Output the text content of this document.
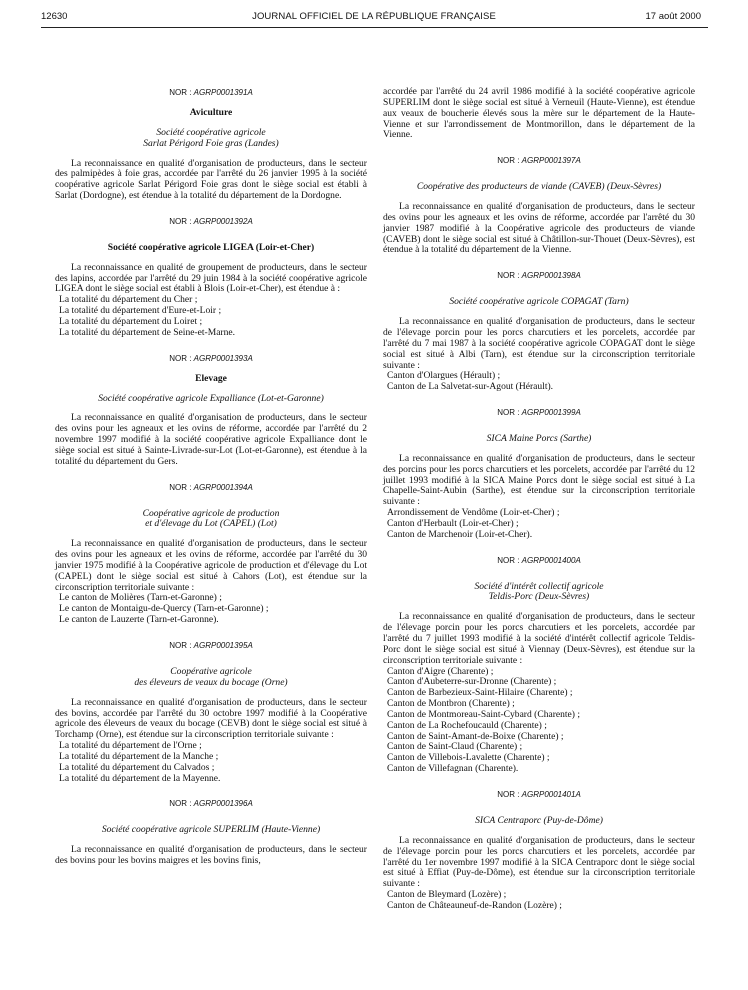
12630	JOURNAL OFFICIEL DE LA RÉPUBLIQUE FRANÇAISE	17 août 2000
NOR : AGRP0001391A
Aviculture
Société coopérative agricole
Sarlat Périgord Foie gras (Landes)

La reconnaissance en qualité d'organisation de producteurs, dans le secteur des palmipèdes à foie gras, accordée par l'arrêté du 26 janvier 1995 à la société coopérative agricole Sarlat Périgord Foie gras dont le siège social est établi à Sarlat (Dordogne), est étendue à la totalité du département de la Dordogne.

NOR : AGRP0001392A
Société coopérative agricole LIGEA (Loir-et-Cher)

La reconnaissance en qualité de groupement de producteurs, dans le secteur des lapins, accordée par l'arrêté du 29 juin 1984 à la société coopérative agricole LIGEA dont le siège social est établi à Blois (Loir-et-Cher), est étendue à :

La totalité du département du Cher ;
La totalité du département d'Eure-et-Loir ;
La totalité du département du Loiret ;
La totalité du département de Seine-et-Marne.
NOR : AGRP0001393A
Elevage
Société coopérative agricole Expalliance (Lot-et-Garonne)

La reconnaissance en qualité d'organisation de producteurs, dans le secteur des ovins pour les agneaux et les ovins de réforme, accordée par l'arrêté du 2 novembre 1997 modifié à la société coopérative agricole Expalliance dont le siège social est situé à Sainte-Livrade-sur-Lot (Lot-et-Garonne), est étendue à la totalité du département du Gers.

NOR : AGRP0001394A
Coopérative agricole de production
et d'élevage du Lot (CAPEL) (Lot)

La reconnaissance en qualité d'organisation de producteurs, dans le secteur des ovins pour les agneaux et les ovins de réforme, accordée par l'arrêté du 30 janvier 1975 modifié à la Coopérative agricole de production et d'élevage du Lot (CAPEL) dont le siège social est situé à Cahors (Lot), est étendue sur la circonscription territoriale suivante :

Le canton de Molières (Tarn-et-Garonne) ;
Le canton de Montaigu-de-Quercy (Tarn-et-Garonne) ;
Le canton de Lauzerte (Tarn-et-Garonne).
NOR : AGRP0001395A
Coopérative agricole
des éleveurs de veaux du bocage (Orne)

La reconnaissance en qualité d'organisation de producteurs, dans le secteur des bovins, accordée par l'arrêté du 30 octobre 1997 modifié à la Coopérative agricole des éleveurs de veaux du bocage (CEVB) dont le siège social est situé à Torchamp (Orne), est étendue sur la circonscription territoriale suivante :

La totalité du département de l'Orne ;
La totalité du département de la Manche ;
La totalité du département du Calvados ;
La totalité du département de la Mayenne.
NOR : AGRP0001396A
Société coopérative agricole SUPERLIM (Haute-Vienne)

La reconnaissance en qualité d'organisation de producteurs, dans le secteur des bovins pour les bovins maigres et les bovins finis,

accordée par l'arrêté du 24 avril 1986 modifié à la société coopérative agricole SUPERLIM dont le siège social est situé à Verneuil (Haute-Vienne), est étendue aux veaux de boucherie élevés sous la mère sur le département de la Haute-Vienne et sur l'arrondissement de Montmorillon, dans le département de la Vienne.

NOR : AGRP0001397A
Coopérative des producteurs de viande (CAVEB) (Deux-Sèvres)

La reconnaissance en qualité d'organisation de producteurs, dans le secteur des ovins pour les agneaux et les ovins de réforme, accordée par l'arrêté du 30 janvier 1987 modifié à la Coopérative agricole des producteurs de viande (CAVEB) dont le siège social est situé à Châtillon-sur-Thouet (Deux-Sèvres), est étendue à la totalité du département de la Vienne.

NOR : AGRP0001398A
Société coopérative agricole COPAGAT (Tarn)

La reconnaissance en qualité d'organisation de producteurs, dans le secteur de l'élevage porcin pour les porcs charcutiers et les porcelets, accordée par l'arrêté du 7 mai 1987 à la société coopérative agricole COPAGAT dont le siège social est situé à Albi (Tarn), est étendue sur la circonscription territoriale suivante :

Canton d'Olargues (Hérault) ;
Canton de La Salvetat-sur-Agout (Hérault).
NOR : AGRP0001399A
SICA Maine Porcs (Sarthe)

La reconnaissance en qualité d'organisation de producteurs, dans le secteur des porcins pour les porcs charcutiers et les porcelets, accordée par l'arrêté du 12 juillet 1993 modifié à la SICA Maine Porcs dont le siège social est situé à La Chapelle-Saint-Aubin (Sarthe), est étendue sur la circonscription territoriale suivante :

Arrondissement de Vendôme (Loir-et-Cher) ;
Canton d'Herbault (Loir-et-Cher) ;
Canton de Marchenoir (Loir-et-Cher).
NOR : AGRP0001400A
Société d'intérêt collectif agricole
Teldis-Porc (Deux-Sèvres)

La reconnaissance en qualité d'organisation de producteurs, dans le secteur de l'élevage porcin pour les porcs charcutiers et les porcelets, accordée par l'arrêté du 7 juillet 1993 modifié à la société d'intérêt collectif agricole Teldis-Porc dont le siège social est situé à Viennay (Deux-Sèvres), est étendue sur la circonscription territoriale suivante :

Canton d'Aigre (Charente) ;
Canton d'Aubeterre-sur-Dronne (Charente) ;
Canton de Barbezieux-Saint-Hilaire (Charente) ;
Canton de Montbron (Charente) ;
Canton de Montmoreau-Saint-Cybard (Charente) ;
Canton de La Rochefoucauld (Charente) ;
Canton de Saint-Amant-de-Boixe (Charente) ;
Canton de Saint-Claud (Charente) ;
Canton de Villebois-Lavalette (Charente) ;
Canton de Villefagnan (Charente).
NOR : AGRP0001401A
SICA Centraporc (Puy-de-Dôme)

La reconnaissance en qualité d'organisation de producteurs, dans le secteur de l'élevage porcin pour les porcs charcutiers et les porcelets, accordée par l'arrêté du 1er novembre 1997 modifié à la SICA Centraporc dont le siège social est situé à Effiat (Puy-de-Dôme), est étendue sur la circonscription territoriale suivante :

Canton de Bleymard (Lozère) ;
Canton de Châteauneuf-de-Randon (Lozère) ;
